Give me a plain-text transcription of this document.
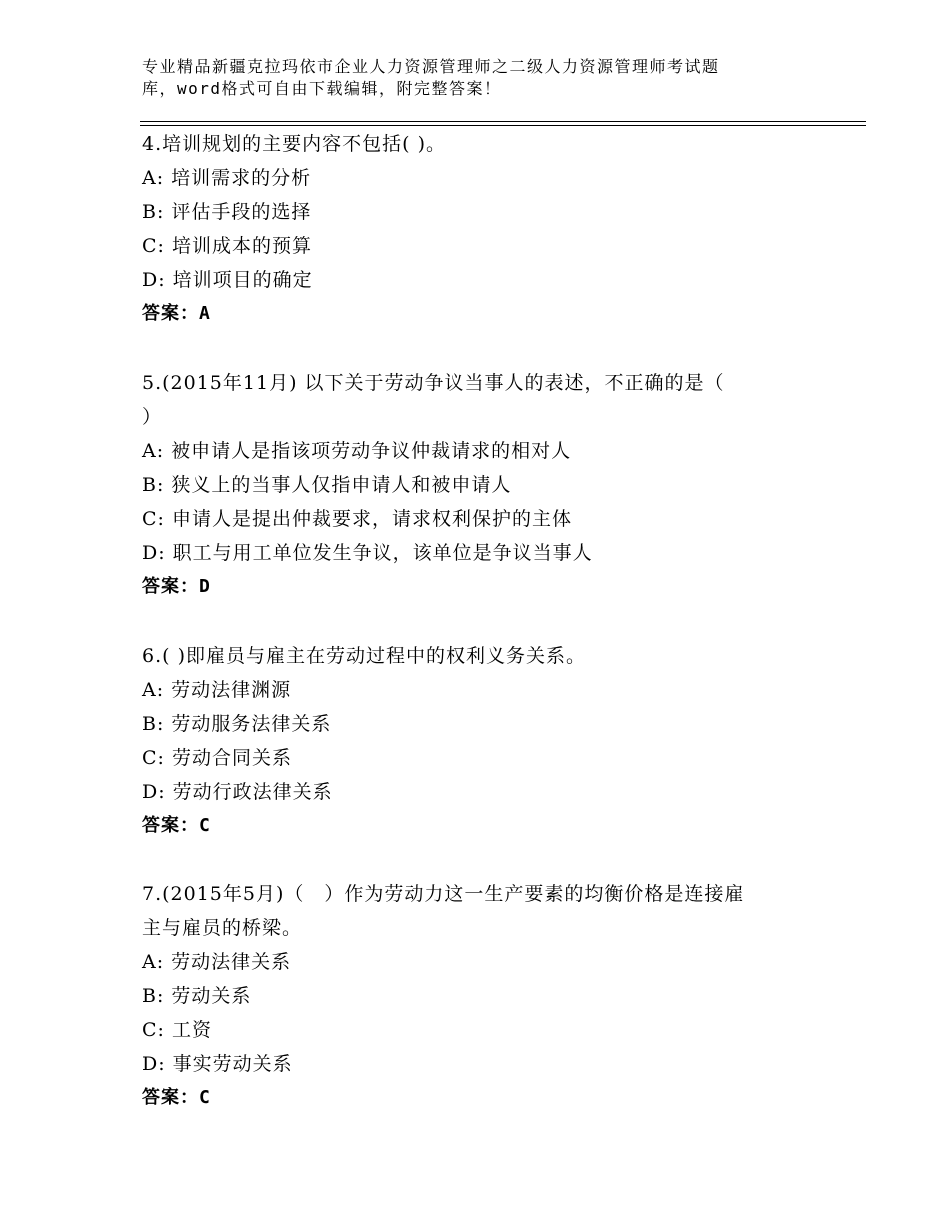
专业精品新疆克拉玛依市企业人力资源管理师之二级人力资源管理师考试题
库，word格式可自由下载编辑，附完整答案！
4.培训规划的主要内容不包括( )。
A: 培训需求的分析
B: 评估手段的选择
C: 培训成本的预算
D: 培训项目的确定
答案：A
5.(2015年11月) 以下关于劳动争议当事人的表述，不正确的是（
）
A: 被申请人是指该项劳动争议仲裁请求的相对人
B: 狭义上的当事人仅指申请人和被申请人
C: 申请人是提出仲裁要求，请求权利保护的主体
D: 职工与用工单位发生争议，该单位是争议当事人
答案：D
6.( )即雇员与雇主在劳动过程中的权利义务关系。
A: 劳动法律渊源
B: 劳动服务法律关系
C: 劳动合同关系
D: 劳动行政法律关系
答案：C
7.(2015年5月)（　）作为劳动力这一生产要素的均衡价格是连接雇
主与雇员的桥梁。
A: 劳动法律关系
B: 劳动关系
C: 工资
D: 事实劳动关系
答案：C
